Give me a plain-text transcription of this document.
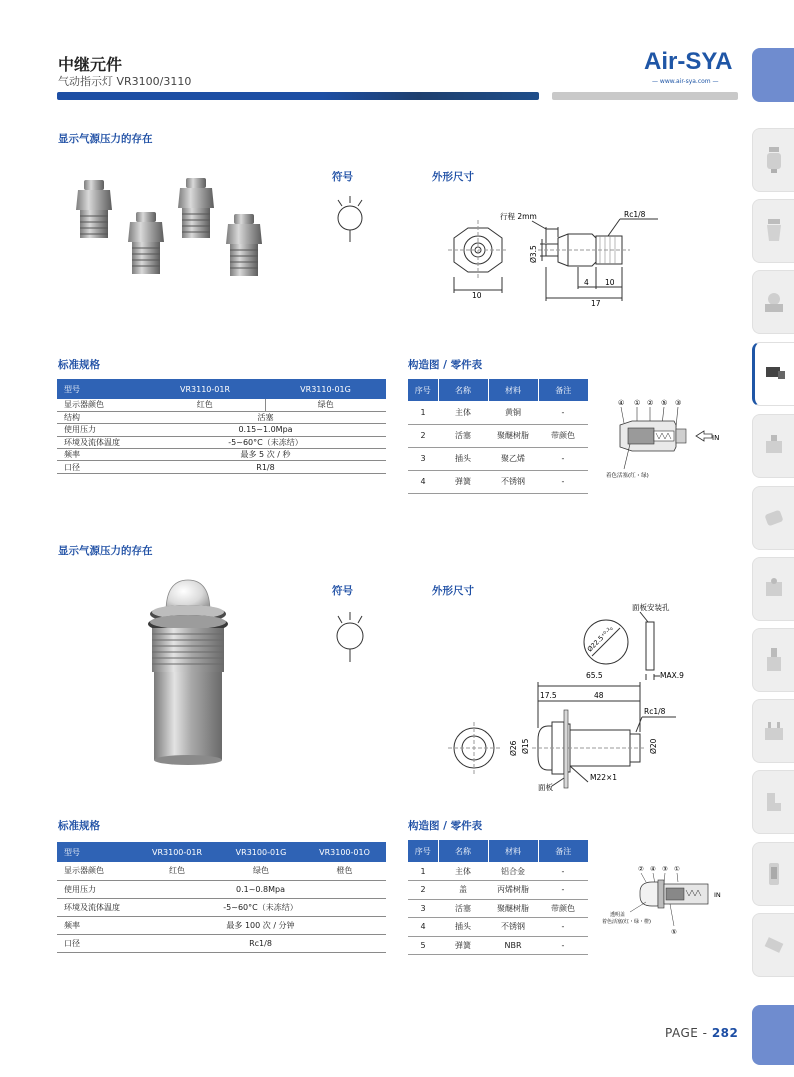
中继元件
气动指示灯 VR3100/3110
Air-SYA
— www.air-sya.com —
显示气源压力的存在
符号	外形尺寸
10
Ø3.5
行程 2mm	Rc1/8
4 10
17
标准规格
型号	VR3110-01R	VR3110-01G
显示器颜色	红色	绿色
结构	活塞	
使用压力	0.15~1.0Mpa	
环境及流体温度	-5~60°C（未冻结）	
频率	最多 5 次 / 秒	
口径	R1/8	
构造图 / 零件表
序号	名称	材料	备注
1	主体	黄铜	-
2	活塞	聚醚树脂	带颜色
3	插头	聚乙烯	-
4	弹簧	不锈钢	-
④ ① ② ⑤ ③
IN
着色活塞(红・绿)
显示气源压力的存在
符号	外形尺寸
面板安装孔
Ø22.5⁺⁰·²₀
MAX.9
65.5
17.5	48
Rc1/8
Ø26 Ø15	Ø20
M22×1
面板
标准规格
型号	VR3100-01R	VR3100-01G	VR3100-01O
显示器颜色	红色	绿色	橙色
使用压力	0.1~0.8Mpa		
环境及流体温度	-5~60°C（未冻结）		
频率	最多 100 次 / 分钟		
口径	Rc1/8		
构造图 / 零件表
序号	名称	材料	备注
1	主体	铝合金	-
2	盖	丙烯树脂	-
3	活塞	聚醚树脂	带颜色
4	插头	不锈钢	-
5	弹簧	NBR	-
② ④ ③ ①
IN
透明盖
着色活塞(红・绿・橙)
⑤
PAGE - 282
